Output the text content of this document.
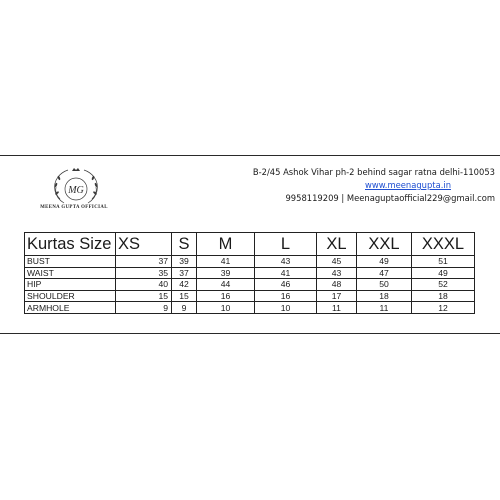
MG
MEENA GUPTA OFFICIAL
B-2/45 Ashok Vihar ph-2 behind sagar ratna delhi-110053
www.meenagupta.in
9958119209 | Meenaguptaofficial229@gmail.com
Kurtas Size	XS	S	M	L	XL	XXL	XXXL
BUST	37	39	41	43	45	49	51
WAIST	35	37	39	41	43	47	49
HIP	40	42	44	46	48	50	52
SHOULDER	15	15	16	16	17	18	18
ARMHOLE	9	9	10	10	11	11	12
